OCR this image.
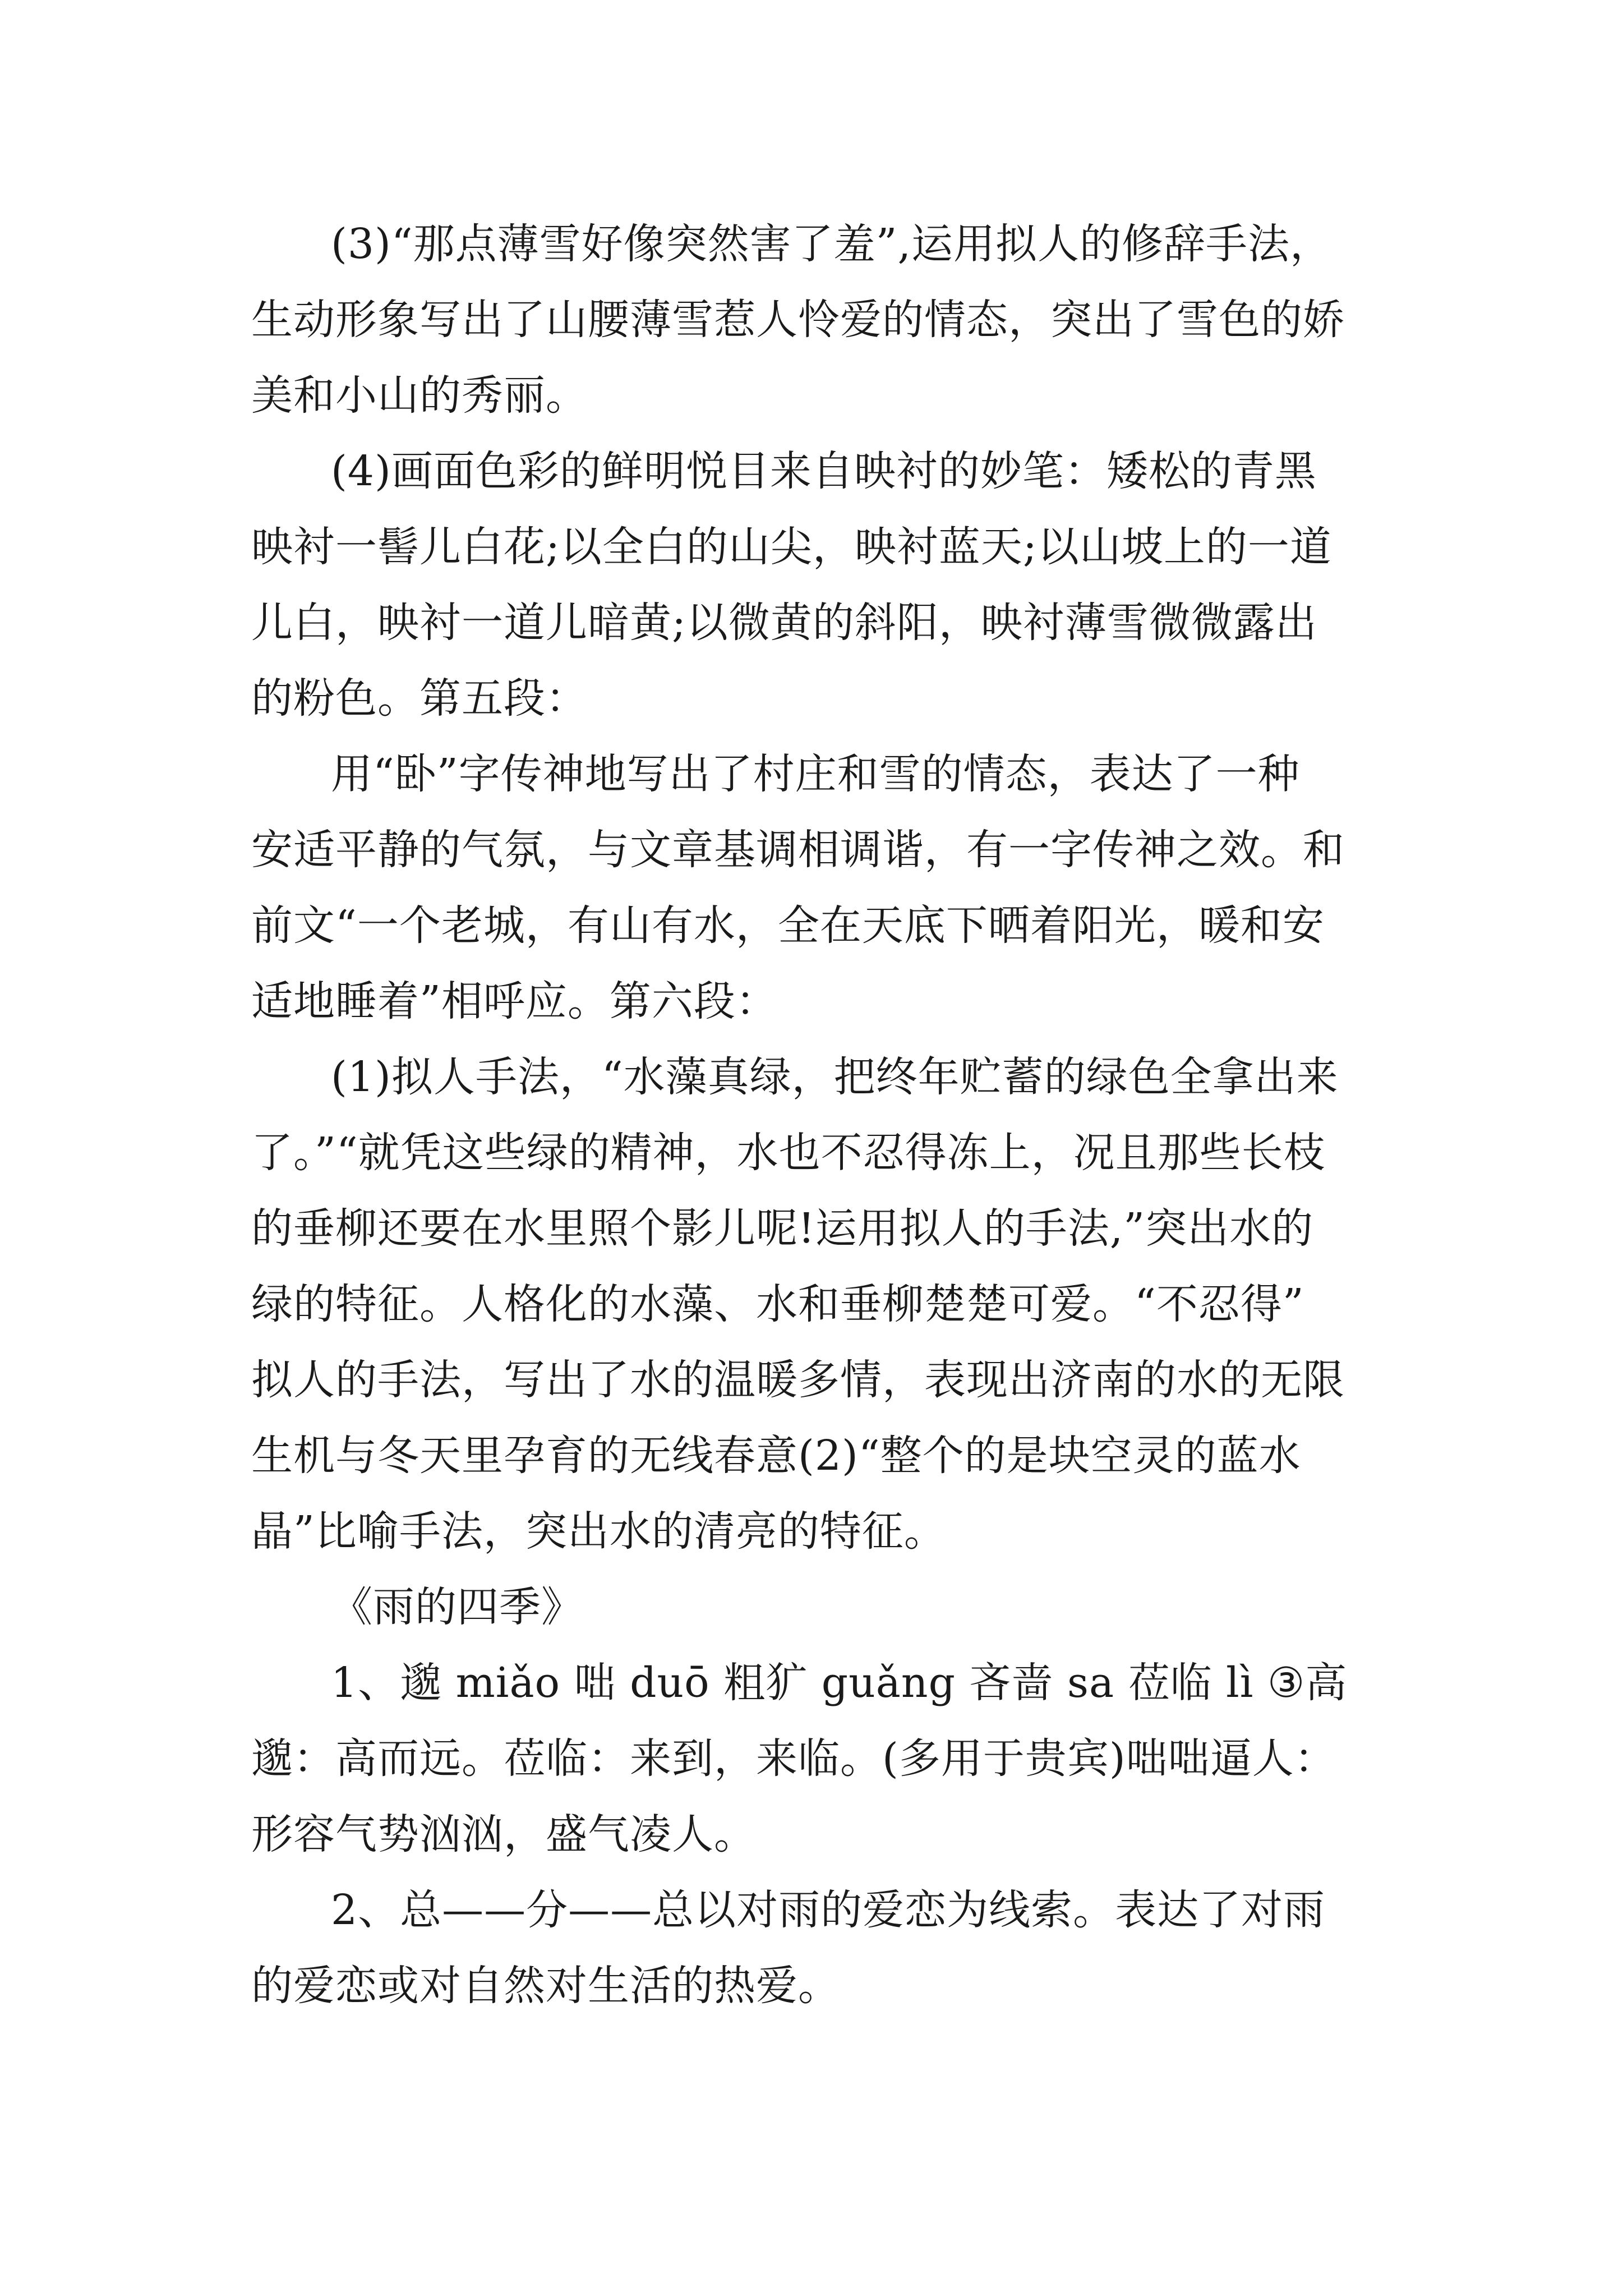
(3)“那点薄雪好像突然害了羞”,运用拟人的修辞手法，
生动形象写出了山腰薄雪惹人怜爱的情态，突出了雪色的娇
美和小山的秀丽。
(4)画面色彩的鲜明悦目来自映衬的妙笔：矮松的青黑
映衬一髻儿白花;以全白的山尖，映衬蓝天;以山坡上的一道
儿白，映衬一道儿暗黄;以微黄的斜阳，映衬薄雪微微露出
的粉色。第五段：
用“卧”字传神地写出了村庄和雪的情态，表达了一种
安适平静的气氛，与文章基调相调谐，有一字传神之效。和
前文“一个老城，有山有水，全在天底下晒着阳光，暖和安
适地睡着”相呼应。第六段：
(1)拟人手法，“水藻真绿，把终年贮蓄的绿色全拿出来
了。”“就凭这些绿的精神，水也不忍得冻上，况且那些长枝
的垂柳还要在水里照个影儿呢!运用拟人的手法,”突出水的
绿的特征。人格化的水藻、水和垂柳楚楚可爱。“不忍得”
拟人的手法，写出了水的温暖多情，表现出济南的水的无限
生机与冬天里孕育的无线春意(2)“整个的是块空灵的蓝水
晶”比喻手法，突出水的清亮的特征。
《雨的四季》
1、邈 miǎo 咄 duō 粗犷 guǎng 吝啬 sa 莅临 lì ③高
邈：高而远。莅临：来到，来临。(多用于贵宾)咄咄逼人：
形容气势汹汹，盛气凌人。
2、总——分——总以对雨的爱恋为线索。表达了对雨
的爱恋或对自然对生活的热爱。
